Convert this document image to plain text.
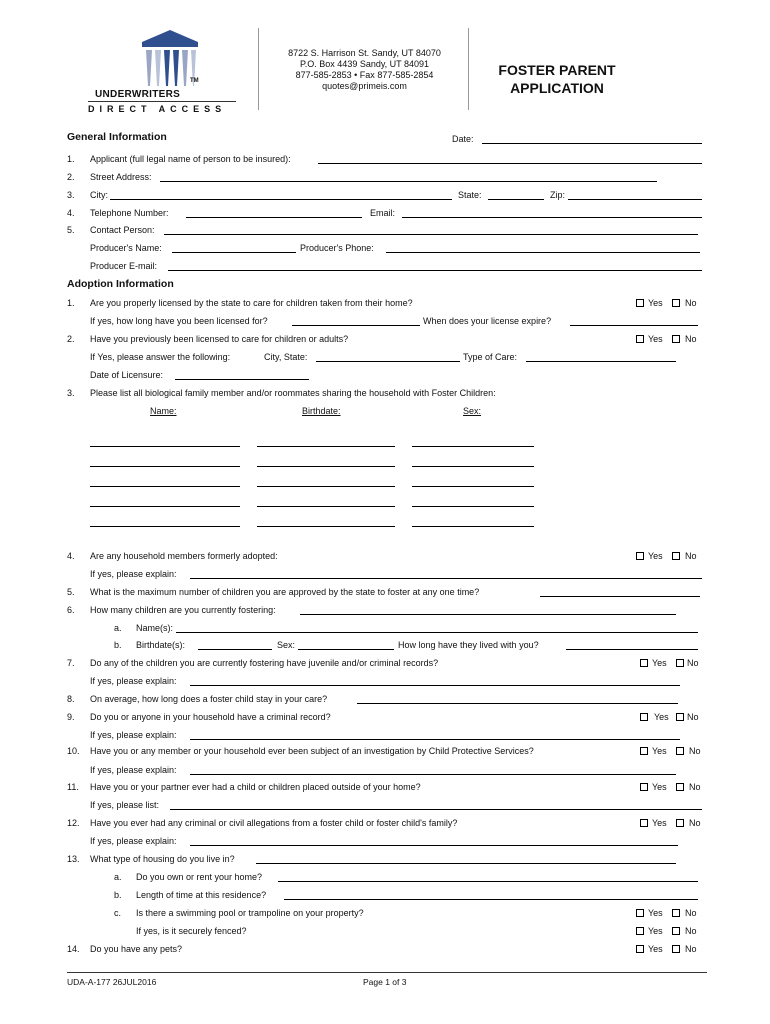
TM
UNDERWRITERS
DIRECT ACCESS
8722 S. Harrison St. Sandy, UT 84070
P.O. Box 4439 Sandy, UT 84091
877-585-2853 • Fax 877-585-2854
quotes@primeis.com
FOSTER PARENT
APPLICATION
General Information	Date:
1. Applicant (full legal name of person to be insured):
2. Street Address:
3. City:	State:	Zip:
4. Telephone Number:	Email:
5. Contact Person:
Producer's Name:	Producer's Phone:
Producer E-mail:
Adoption Information
1. Are you properly licensed by the state to care for children taken from their home?	Yes No
If yes, how long have you been licensed for?	When does your license expire?
2. Have you previously been licensed to care for children or adults?	Yes No
If Yes, please answer the following:	City, State:	Type of Care:
Date of Licensure:
3. Please list all biological family member and/or roommates sharing the household with Foster Children:
Name:	Birthdate:	Sex:
4. Are any household members formerly adopted:	Yes No
If yes, please explain:
5. What is the maximum number of children you are approved by the state to foster at any one time?
6. How many children are you currently fostering:
a. Name(s):
b. Birthdate(s):	Sex:	How long have they lived with you?
7. Do any of the children you are currently fostering have juvenile and/or criminal records?	Yes No
If yes, please explain:
8. On average, how long does a foster child stay in your care?
9. Do you or anyone in your household have a criminal record?	Yes No
If yes, please explain:
10. Have you or any member or your household ever been subject of an investigation by Child Protective Services?	Yes No
If yes, please explain:
11. Have you or your partner ever had a child or children placed outside of your home?	Yes No
If yes, please list:
12. Have you ever had any criminal or civil allegations from a foster child or foster child's family?	Yes No
If yes, please explain:
13. What type of housing do you live in?
a. Do you own or rent your home?
b. Length of time at this residence?
c. Is there a swimming pool or trampoline on your property?	Yes No
If yes, is it securely fenced?	Yes No
14. Do you have any pets?	Yes No
UDA-A-177 26JUL2016	Page 1 of 3
